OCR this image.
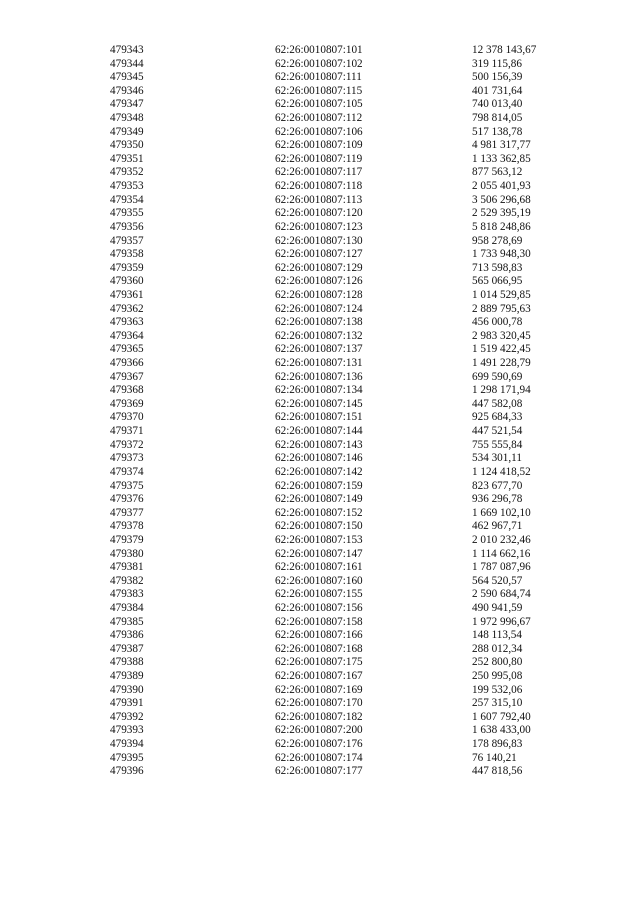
479343	62:26:0010807:101	12 378 143,67
479344	62:26:0010807:102	319 115,86
479345	62:26:0010807:111	500 156,39
479346	62:26:0010807:115	401 731,64
479347	62:26:0010807:105	740 013,40
479348	62:26:0010807:112	798 814,05
479349	62:26:0010807:106	517 138,78
479350	62:26:0010807:109	4 981 317,77
479351	62:26:0010807:119	1 133 362,85
479352	62:26:0010807:117	877 563,12
479353	62:26:0010807:118	2 055 401,93
479354	62:26:0010807:113	3 506 296,68
479355	62:26:0010807:120	2 529 395,19
479356	62:26:0010807:123	5 818 248,86
479357	62:26:0010807:130	958 278,69
479358	62:26:0010807:127	1 733 948,30
479359	62:26:0010807:129	713 598,83
479360	62:26:0010807:126	565 066,95
479361	62:26:0010807:128	1 014 529,85
479362	62:26:0010807:124	2 889 795,63
479363	62:26:0010807:138	456 000,78
479364	62:26:0010807:132	2 983 320,45
479365	62:26:0010807:137	1 519 422,45
479366	62:26:0010807:131	1 491 228,79
479367	62:26:0010807:136	699 590,69
479368	62:26:0010807:134	1 298 171,94
479369	62:26:0010807:145	447 582,08
479370	62:26:0010807:151	925 684,33
479371	62:26:0010807:144	447 521,54
479372	62:26:0010807:143	755 555,84
479373	62:26:0010807:146	534 301,11
479374	62:26:0010807:142	1 124 418,52
479375	62:26:0010807:159	823 677,70
479376	62:26:0010807:149	936 296,78
479377	62:26:0010807:152	1 669 102,10
479378	62:26:0010807:150	462 967,71
479379	62:26:0010807:153	2 010 232,46
479380	62:26:0010807:147	1 114 662,16
479381	62:26:0010807:161	1 787 087,96
479382	62:26:0010807:160	564 520,57
479383	62:26:0010807:155	2 590 684,74
479384	62:26:0010807:156	490 941,59
479385	62:26:0010807:158	1 972 996,67
479386	62:26:0010807:166	148 113,54
479387	62:26:0010807:168	288 012,34
479388	62:26:0010807:175	252 800,80
479389	62:26:0010807:167	250 995,08
479390	62:26:0010807:169	199 532,06
479391	62:26:0010807:170	257 315,10
479392	62:26:0010807:182	1 607 792,40
479393	62:26:0010807:200	1 638 433,00
479394	62:26:0010807:176	178 896,83
479395	62:26:0010807:174	76 140,21
479396	62:26:0010807:177	447 818,56
